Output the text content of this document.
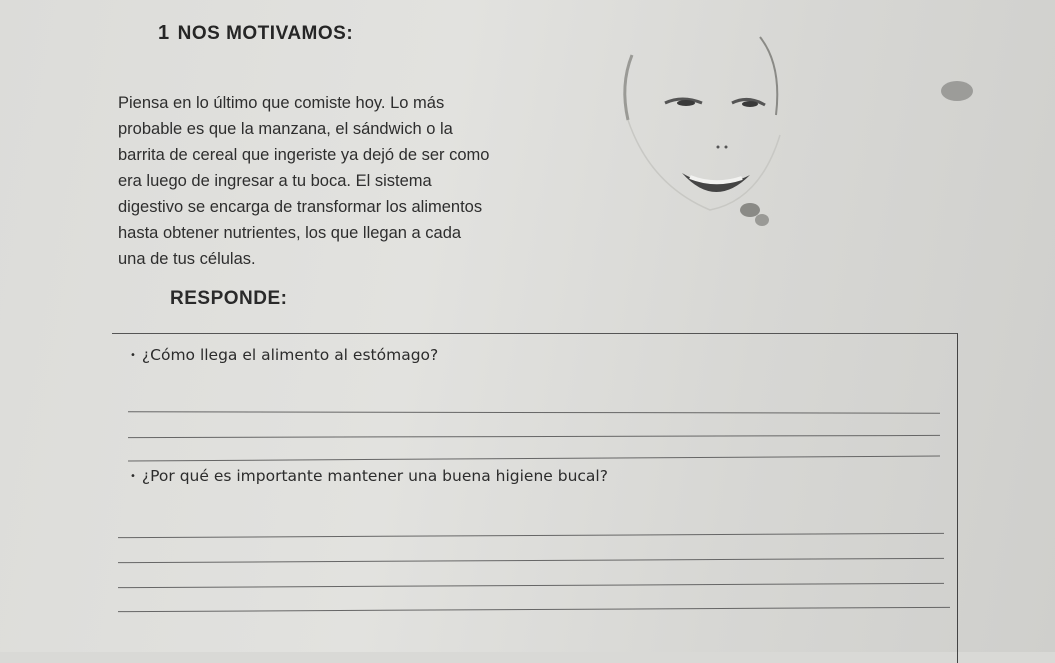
1 NOS MOTIVAMOS:
Piensa en lo último que comiste hoy. Lo más
probable es que la manzana, el sándwich o la
barrita de cereal que ingeriste ya dejó de ser como
era luego de ingresar a tu boca. El sistema
digestivo se encarga de transformar los alimentos
hasta obtener nutrientes, los que llegan a cada
una de tus células.
RESPONDE:
• ¿Cómo llega el alimento al estómago?
• ¿Por qué es importante mantener una buena higiene bucal?
